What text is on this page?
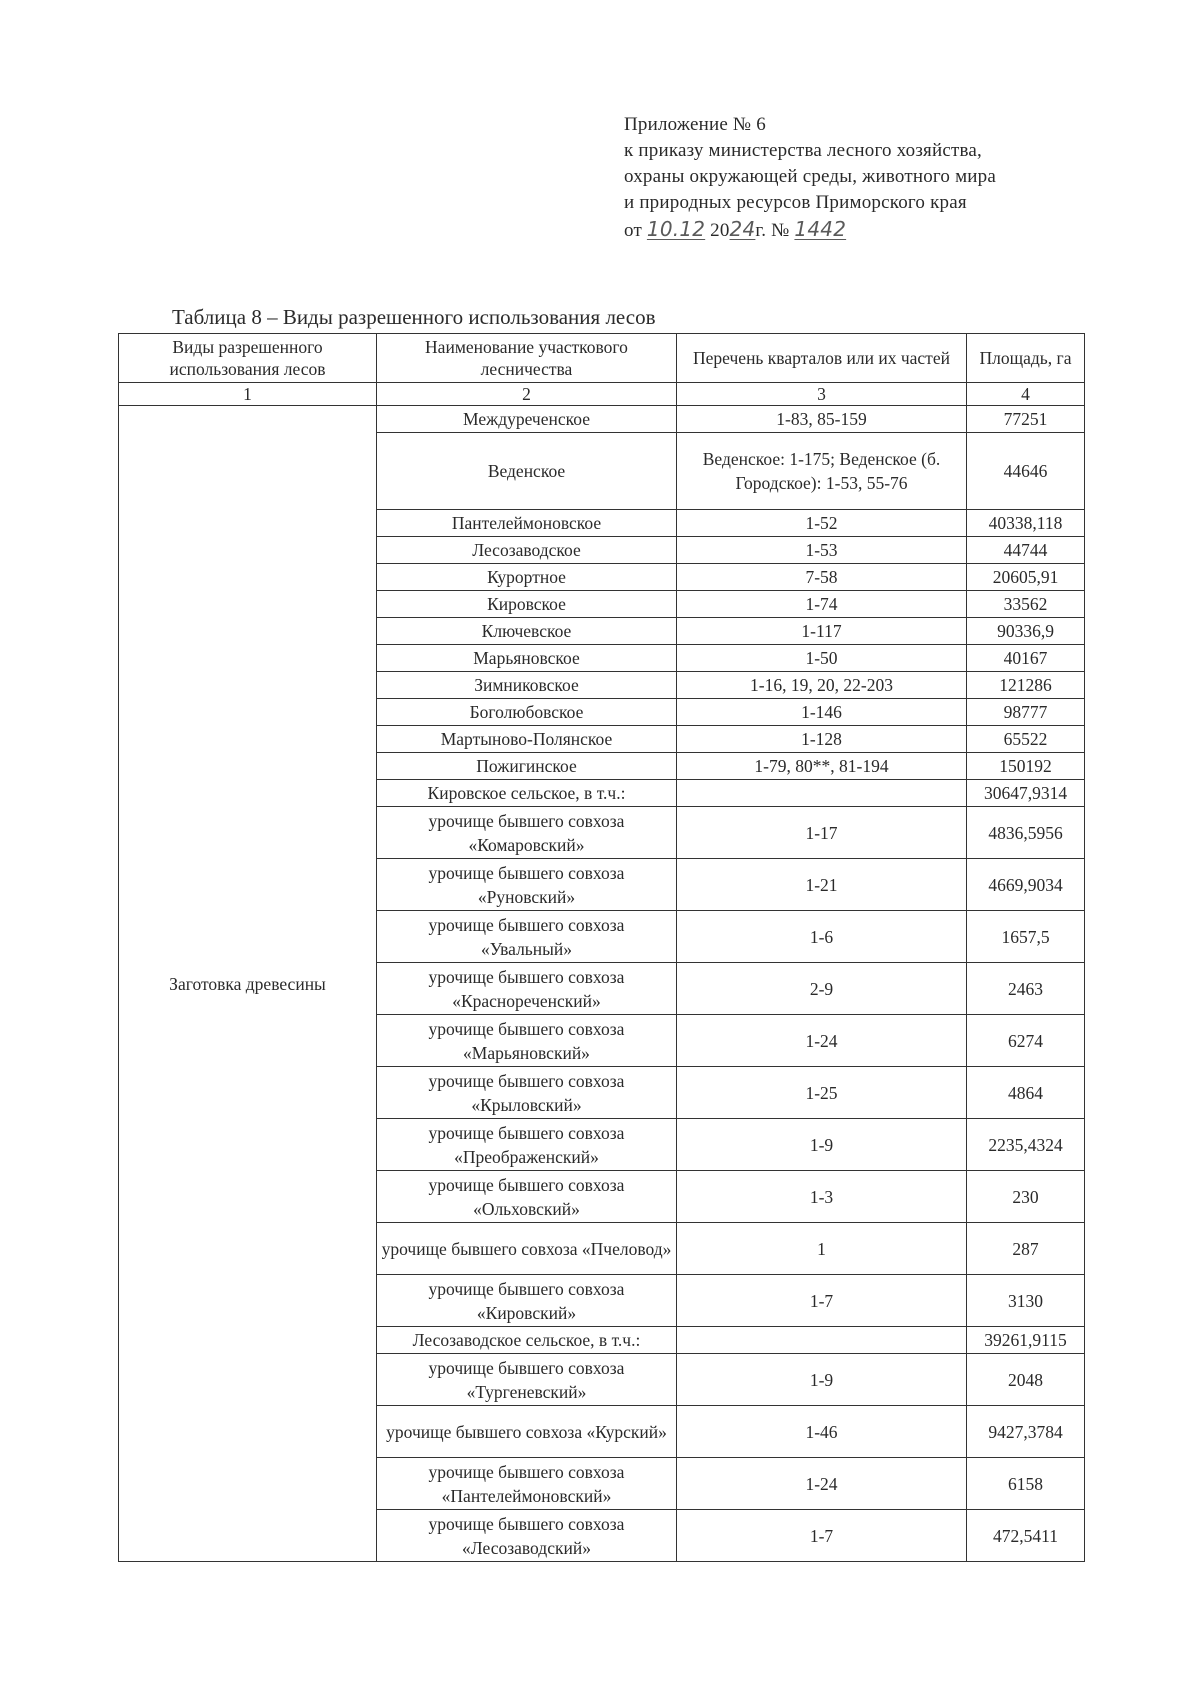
Приложение № 6
к приказу министерства лесного хозяйства,
охраны окружающей среды, животного мира
и природных ресурсов Приморского края
от 10.12 2024г. № 1442
Таблица 8 – Виды разрешенного использования лесов
Виды разрешенного использования лесов	Наименование участкового лесничества	Перечень кварталов или их частей	Площадь, га
1	2	3	4
Заготовка древесины	Междуреченское	1-83, 85-159	77251
	Веденское	Веденское: 1-175; Веденское (б. Городское): 1-53, 55-76	44646
	Пантелеймоновское	1-52	40338,118
	Лесозаводское	1-53	44744
	Курортное	7-58	20605,91
	Кировское	1-74	33562
	Ключевское	1-117	90336,9
	Марьяновское	1-50	40167
	Зимниковское	1-16, 19, 20, 22-203	121286
	Боголюбовское	1-146	98777
	Мартыново-Полянское	1-128	65522
	Пожигинское	1-79, 80**, 81-194	150192
	Кировское сельское, в т.ч.:		30647,9314
	урочище бывшего совхоза «Комаровский»	1-17	4836,5956
	урочище бывшего совхоза «Руновский»	1-21	4669,9034
	урочище бывшего совхоза «Увальный»	1-6	1657,5
	урочище бывшего совхоза «Краснореченский»	2-9	2463
	урочище бывшего совхоза «Марьяновский»	1-24	6274
	урочище бывшего совхоза «Крыловский»	1-25	4864
	урочище бывшего совхоза «Преображенский»	1-9	2235,4324
	урочище бывшего совхоза «Ольховский»	1-3	230
	урочище бывшего совхоза «Пчеловод»	1	287
	урочище бывшего совхоза «Кировский»	1-7	3130
	Лесозаводское сельское, в т.ч.:		39261,9115
	урочище бывшего совхоза «Тургеневский»	1-9	2048
	урочище бывшего совхоза «Курский»	1-46	9427,3784
	урочище бывшего совхоза «Пантелеймоновский»	1-24	6158
	урочище бывшего совхоза «Лесозаводский»	1-7	472,5411
